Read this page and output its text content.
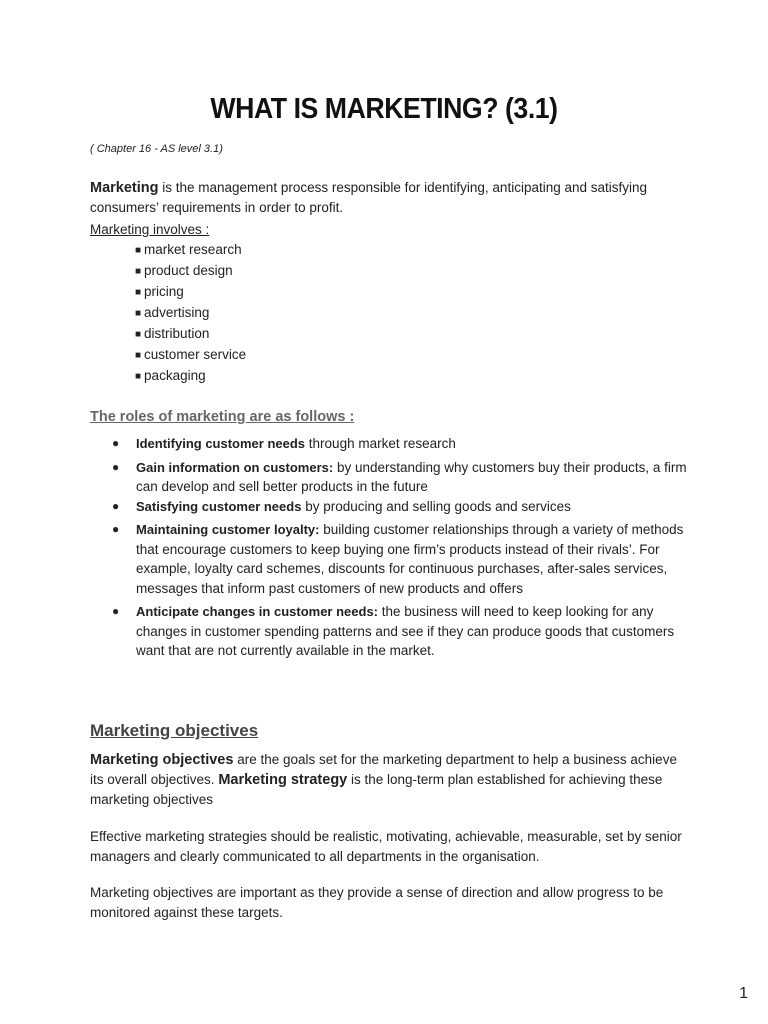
WHAT IS MARKETING? (3.1)
( Chapter 16 - AS level 3.1)
Marketing is the management process responsible for identifying, anticipating and satisfying consumers’ requirements in order to profit.
Marketing involves :
■ market research
■ product design
■ pricing
■ advertising
■ distribution
■ customer service
■ packaging
The roles of marketing are as follows :
● Identifying customer needs through market research
● Gain information on customers: by understanding why customers buy their products, a firm can develop and sell better products in the future
● Satisfying customer needs by producing and selling goods and services
● Maintaining customer loyalty: building customer relationships through a variety of methods that encourage customers to keep buying one firm’s products instead of their rivals’. For example, loyalty card schemes, discounts for continuous purchases, after-sales services, messages that inform past customers of new products and offers
● Anticipate changes in customer needs: the business will need to keep looking for any changes in customer spending patterns and see if they can produce goods that customers want that are not currently available in the market.
Marketing objectives
Marketing objectives are the goals set for the marketing department to help a business achieve its overall objectives. Marketing strategy is the long-term plan established for achieving these marketing objectives
Effective marketing strategies should be realistic, motivating, achievable, measurable, set by senior managers and clearly communicated to all departments in the organisation.
Marketing objectives are important as they provide a sense of direction and allow progress to be monitored against these targets.
1
